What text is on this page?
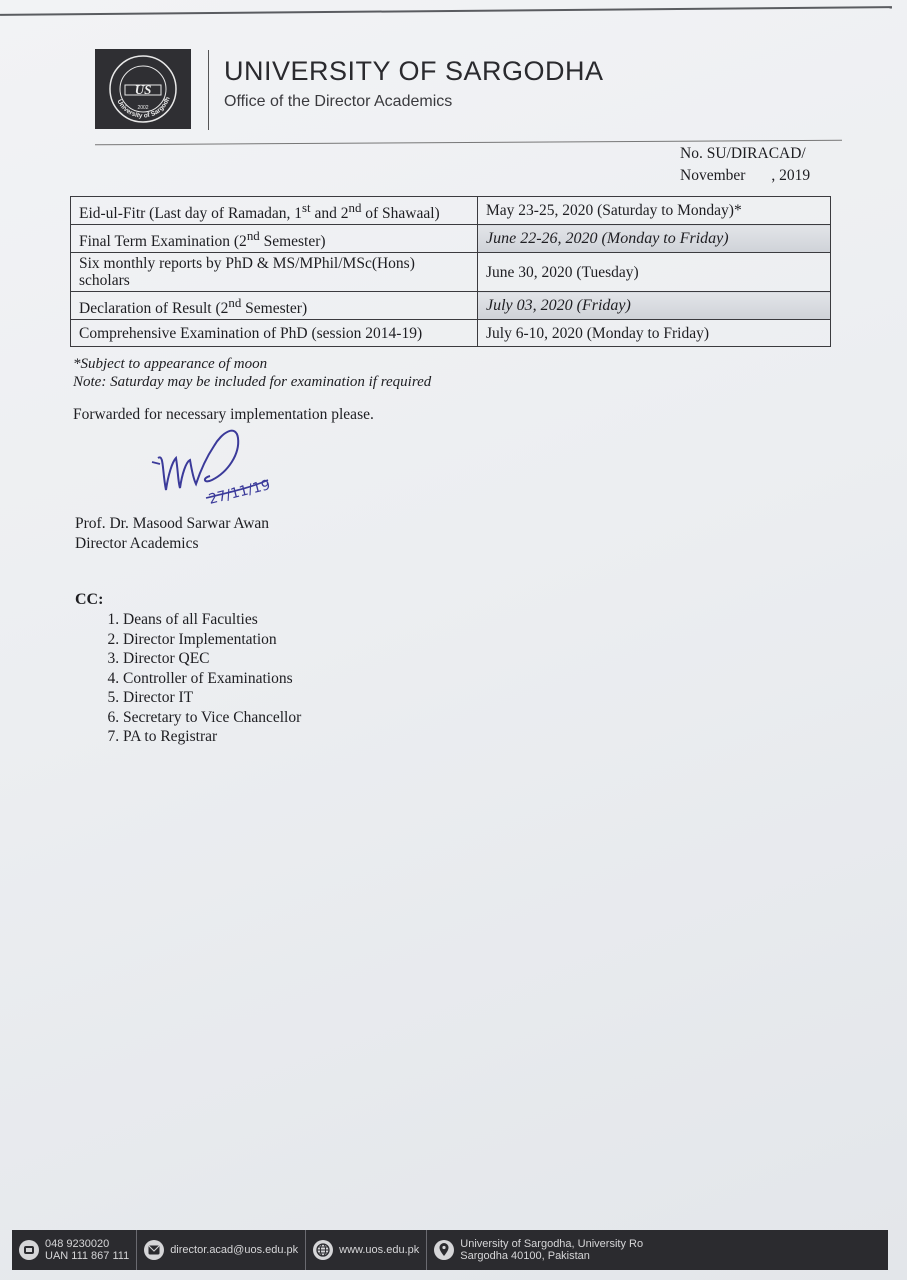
US
2002
University of Sargodh
UNIVERSITY OF SARGODHA
Office of the Director Academics
No. SU/DIRACAD/
November , 2019
Eid-ul-Fitr (Last day of Ramadan, 1st and 2nd of Shawaal)	May 23-25, 2020 (Saturday to Monday)*
Final Term Examination (2nd Semester)	June 22-26, 2020 (Monday to Friday)
Six monthly reports by PhD & MS/MPhil/MSc(Hons) scholars	June 30, 2020 (Tuesday)
Declaration of Result (2nd Semester)	July 03, 2020 (Friday)
Comprehensive Examination of PhD (session 2014-19)	July 6-10, 2020 (Monday to Friday)
*Subject to appearance of moon
Note: Saturday may be included for examination if required
Forwarded for necessary implementation please.
27/11/19
Prof. Dr. Masood Sarwar Awan
Director Academics
CC:
1. Deans of all Faculties
2. Director Implementation
3. Director QEC
4. Controller of Examinations
5. Director IT
6. Secretary to Vice Chancellor
7. PA to Registrar
048 9230020
UAN 111 867 111	director.acad@uos.edu.pk	www.uos.edu.pk	University of Sargodha, University Ro
Sargodha 40100, Pakistan
